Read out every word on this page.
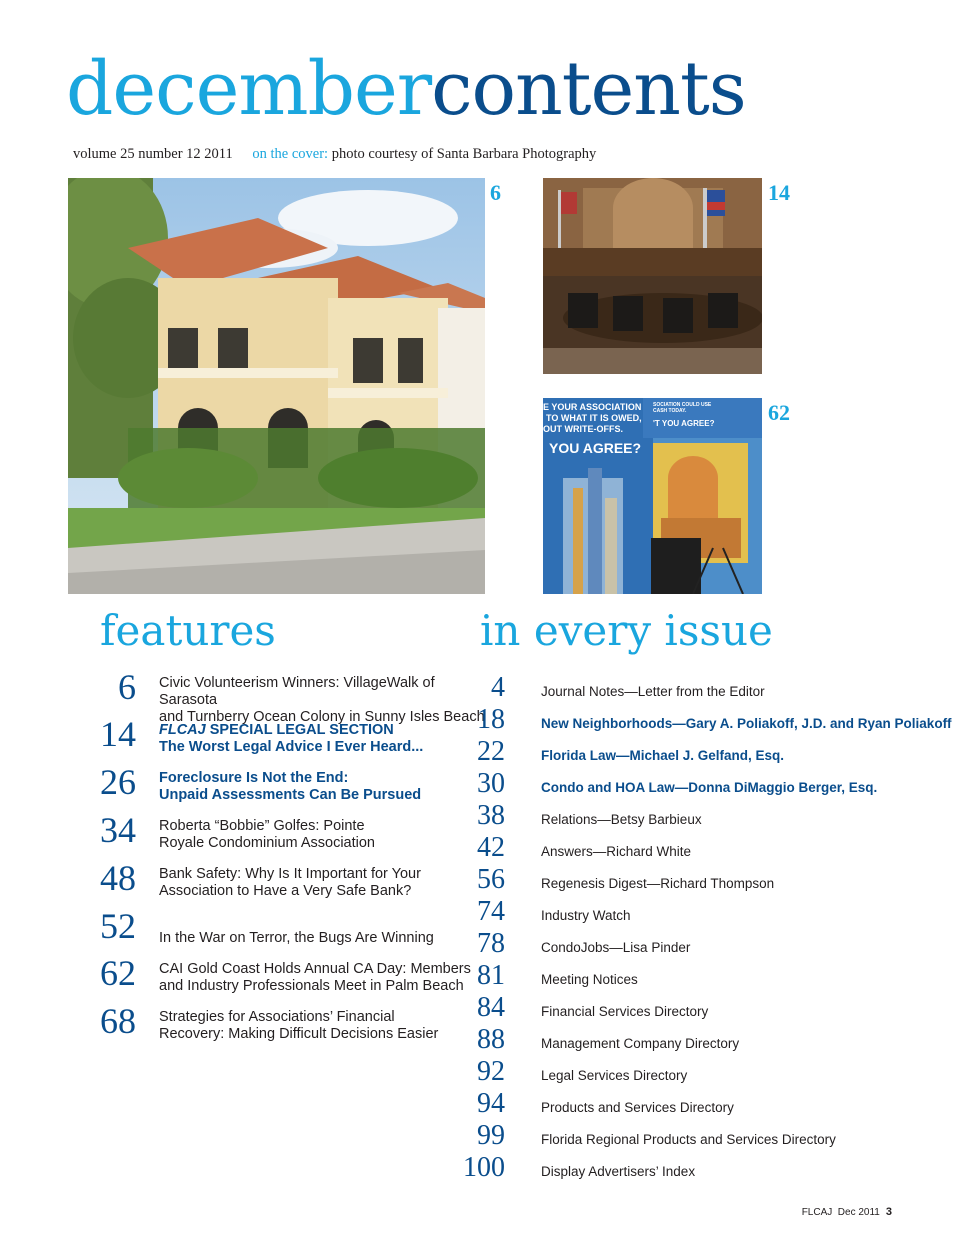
decembercontents
volume 25 number 12 2011 on the cover: photo courtesy of Santa Barbara Photography
6	14
E YOUR ASSOCIATION
TO WHAT IT IS OWED,
OUT WRITE-OFFS.
YOU AGREE?
SOCIATION COULD USE CASH TODAY.
'T YOU AGREE? 62
features	in every issue
6 Civic Volunteerism Winners: VillageWalk of Sarasota
and Turnberry Ocean Colony in Sunny Isles Beach
14 FLCAJ SPECIAL LEGAL SECTION
The Worst Legal Advice I Ever Heard...
26 Foreclosure Is Not the End:
Unpaid Assessments Can Be Pursued
34 Roberta “Bobbie” Golfes: Pointe
Royale Condominium Association
48 Bank Safety: Why Is It Important for Your
Association to Have a Very Safe Bank?
52 In the War on Terror, the Bugs Are Winning
62 CAI Gold Coast Holds Annual CA Day: Members
and Industry Professionals Meet in Palm Beach
68 Strategies for Associations’ Financial
Recovery: Making Difficult Decisions Easier
4	Journal Notes—Letter from the Editor
18	New Neighborhoods—Gary A. Poliakoff, J.D. and Ryan Poliakoff
22	Florida Law—Michael J. Gelfand, Esq.
30	Condo and HOA Law—Donna DiMaggio Berger, Esq.
38	Relations—Betsy Barbieux
42	Answers—Richard White
56	Regenesis Digest—Richard Thompson
74	Industry Watch
78	CondoJobs—Lisa Pinder
81	Meeting Notices
84	Financial Services Directory
88	Management Company Directory
92	Legal Services Directory
94	Products and Services Directory
99	Florida Regional Products and Services Directory
100	Display Advertisers’ Index
FLCAJ  Dec 2011 3
